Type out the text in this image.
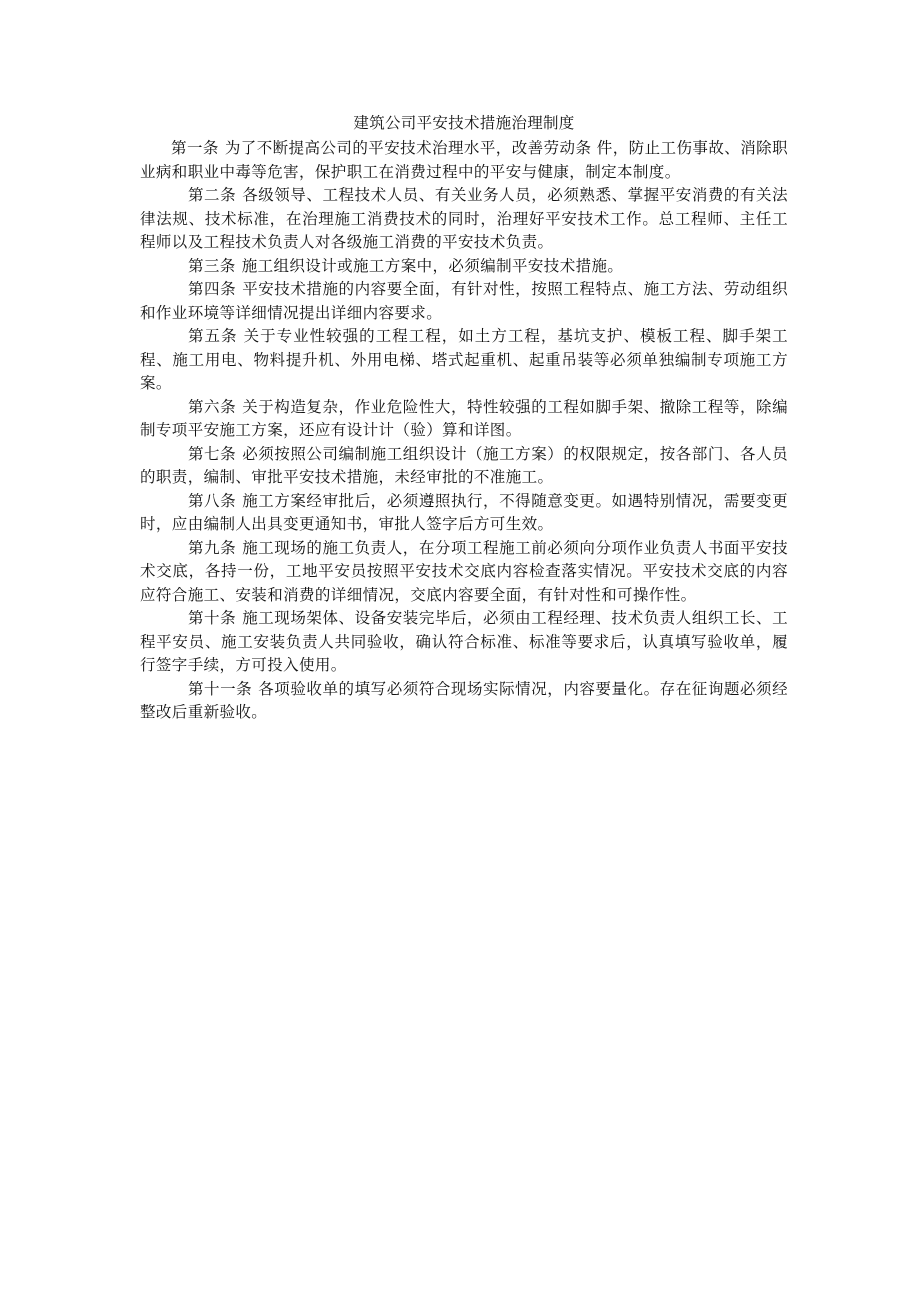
建筑公司平安技术措施治理制度

第一条 为了不断提高公司的平安技术治理水平，改善劳动条 件，防止工伤事故、消除职业病和职业中毒等危害，保护职工在消费过程中的平安与健康，制定本制度。

第二条 各级领导、工程技术人员、有关业务人员，必须熟悉、掌握平安消费的有关法律法规、技术标准，在治理施工消费技术的同时，治理好平安技术工作。总工程师、主任工程师以及工程技术负责人对各级施工消费的平安技术负责。

第三条 施工组织设计或施工方案中，必须编制平安技术措施。

第四条 平安技术措施的内容要全面，有针对性，按照工程特点、施工方法、劳动组织和作业环境等详细情况提出详细内容要求。

第五条 关于专业性较强的工程工程，如土方工程，基坑支护、模板工程、脚手架工程、施工用电、物料提升机、外用电梯、塔式起重机、起重吊装等必须单独编制专项施工方案。

第六条 关于构造复杂，作业危险性大，特性较强的工程如脚手架、撤除工程等，除编制专项平安施工方案，还应有设计计（验）算和详图。

第七条 必须按照公司编制施工组织设计（施工方案）的权限规定，按各部门、各人员的职责，编制、审批平安技术措施，未经审批的不准施工。

第八条 施工方案经审批后，必须遵照执行，不得随意变更。如遇特别情况，需要变更时，应由编制人出具变更通知书，审批人签字后方可生效。

第九条 施工现场的施工负责人，在分项工程施工前必须向分项作业负责人书面平安技术交底，各持一份，工地平安员按照平安技术交底内容检查落实情况。平安技术交底的内容应符合施工、安装和消费的详细情况，交底内容要全面，有针对性和可操作性。

第十条 施工现场架体、设备安装完毕后，必须由工程经理、技术负责人组织工长、工程平安员、施工安装负责人共同验收，确认符合标准、标准等要求后，认真填写验收单，履行签字手续，方可投入使用。

第十一条 各项验收单的填写必须符合现场实际情况，内容要量化。存在征询题必须经整改后重新验收。
